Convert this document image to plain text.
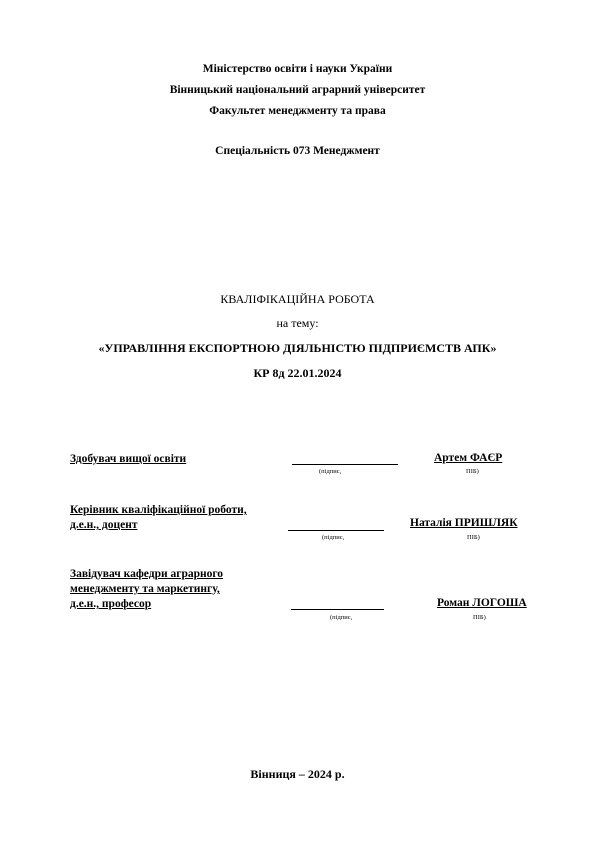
Міністерство освіти і науки України
Вінницький національний аграрний університет
Факультет менеджменту та права
Спеціальність 073 Менеджмент
КВАЛІФІКАЦІЙНА РОБОТА
на тему:
«УПРАВЛІННЯ ЕКСПОРТНОЮ ДІЯЛЬНІСТЮ ПІДПРИЄМСТВ АПК»
КР 8д 22.01.2024
Здобувач вищої освіти
(підпис,
Артем ФАЄР
ПІБ)
Керівник кваліфікаційної роботи,
д.е.н., доцент
(підпис,
Наталія ПРИШЛЯК
ПІБ)
Завідувач кафедри аграрного
менеджменту та маркетингу,
д.е.н., професор
(підпис,
Роман ЛОГОША
ПІБ)
Вінниця – 2024 р.
